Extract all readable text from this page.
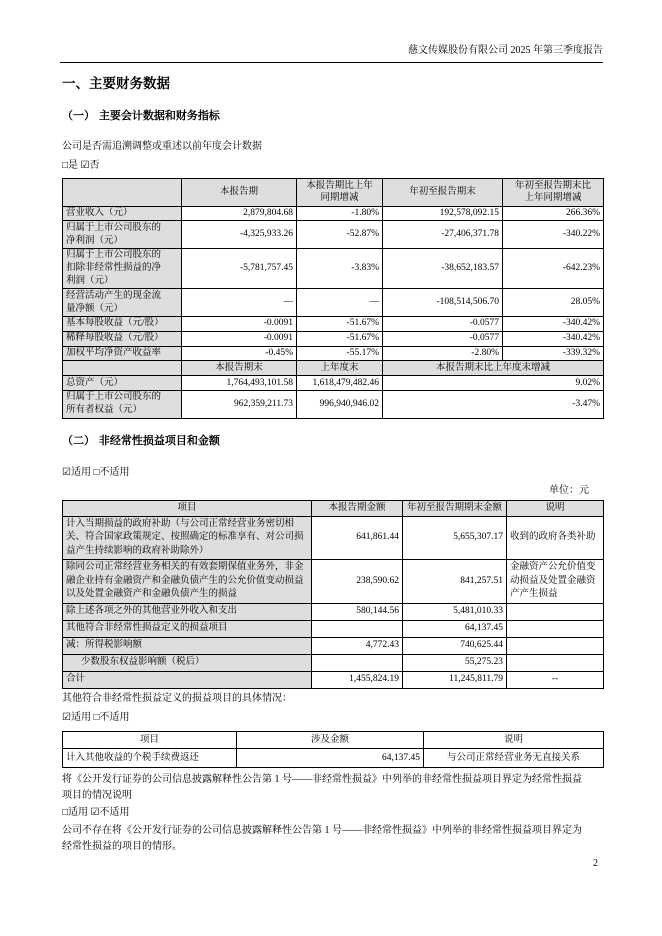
慈文传媒股份有限公司 2025 年第三季度报告
一、主要财务数据
（一） 主要会计数据和财务指标
公司是否需追溯调整或重述以前年度会计数据
□是 ☑否
	本报告期	本报告期比上年同期增减	年初至报告期末	年初至报告期末比上年同期增减

营业收入（元）	2,879,804.68	-1.80%	192,578,092.15	266.36%

归属于上市公司股东的净利润（元）	-4,325,933.26	-52.87%	-27,406,371.78	-340.22%

归属于上市公司股东的扣除非经常性损益的净利润（元）	-5,781,757.45	-3.83%	-38,652,183.57	-642.23%

经营活动产生的现金流量净额（元）	—	—	-108,514,506.70	28.05%

基本每股收益（元/股）	-0.0091	-51.67%	-0.0577	-340.42%

稀释每股收益（元/股）	-0.0091	-51.67%	-0.0577	-340.42%

加权平均净资产收益率	-0.45%	-55.17%	-2.80%	-339.32%
	本报告期末	上年度末	本报告期末比上年度末增减	

总资产（元）	1,764,493,101.58	1,618,479,482.46	9.02%	

归属于上市公司股东的所有者权益（元）	962,359,211.73	996,940,946.02	-3.47%	
（二） 非经常性损益项目和金额
☑适用 □不适用
单位：元
项目	本报告期金额	年初至报告期期末金额	说明
计入当期损益的政府补助（与公司正常经营业务密切相关、符合国家政策规定、按照确定的标准享有、对公司损益产生持续影响的政府补助除外）	641,861.44	5,655,307.17	收到的政府各类补助
除同公司正常经营业务相关的有效套期保值业务外，非金融企业持有金融资产和金融负债产生的公允价值变动损益以及处置金融资产和金融负债产生的损益	238,590.62	841,257.51	金融资产公允价值变动损益及处置金融资产产生损益
除上述各项之外的其他营业外收入和支出	580,144.56	5,481,010.33	
其他符合非经常性损益定义的损益项目		64,137.45	
减：所得税影响额	4,772.43	740,625.44	
少数股东权益影响额（税后）		55,275.23	
合计	1,455,824.19	11,245,811.79	--
其他符合非经常性损益定义的损益项目的具体情况：
☑适用 □不适用
项目	涉及金额	说明
计入其他收益的个税手续费返还	64,137.45	与公司正常经营业务无直接关系
将《公开发行证券的公司信息披露解释性公告第 1 号——非经常性损益》中列举的非经常性损益项目界定为经常性损益项目的情况说明
□适用 ☑不适用
公司不存在将《公开发行证券的公司信息披露解释性公告第 1 号——非经常性损益》中列举的非经常性损益项目界定为经常性损益的项目的情形。
2
